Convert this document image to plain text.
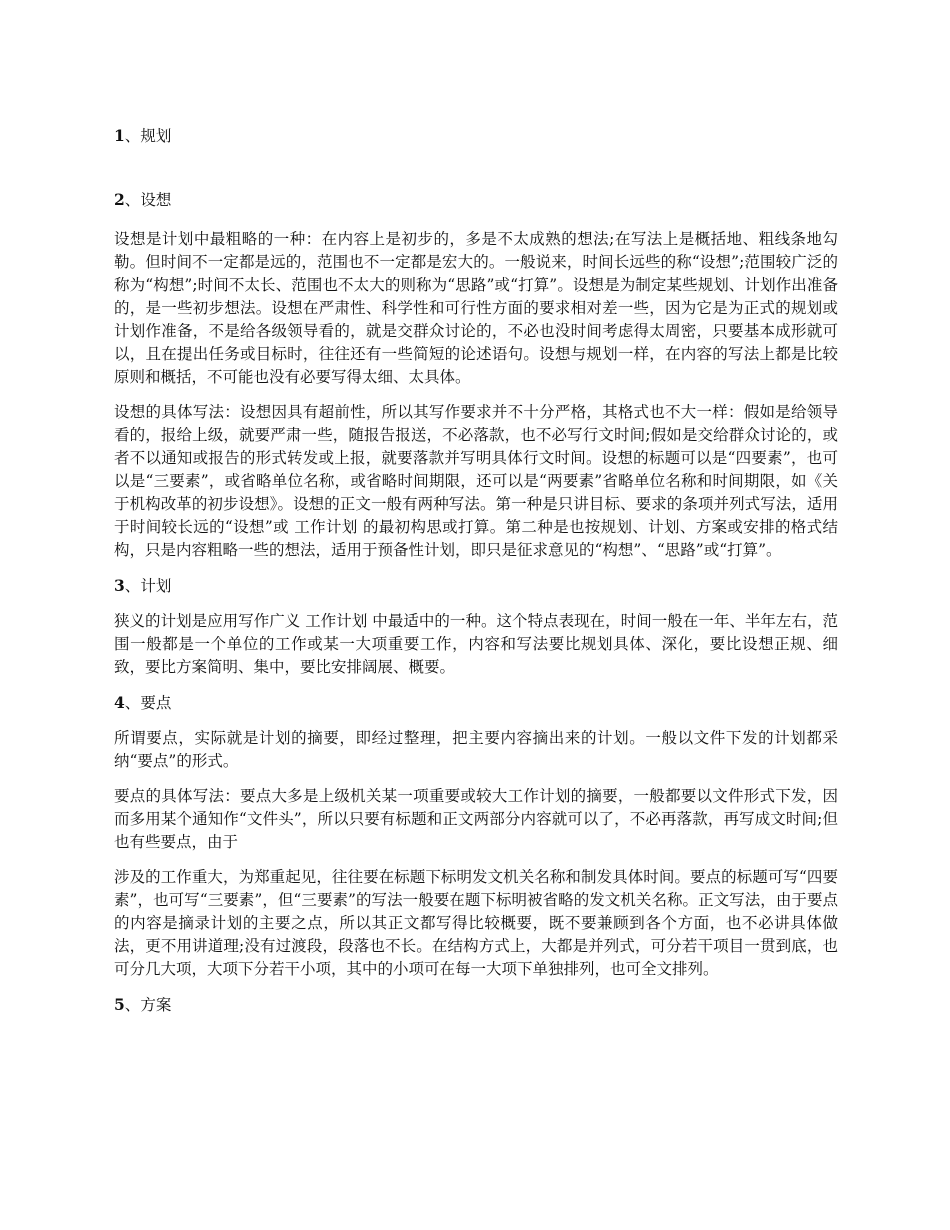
1、规划
2、设想

设想是计划中最粗略的一种：在内容上是初步的，多是不太成熟的想法;在写法上是概括地、粗线条地勾勒。但时间不一定都是远的，范围也不一定都是宏大的。一般说来，时间长远些的称“设想”;范围较广泛的称为“构想”;时间不太长、范围也不太大的则称为“思路”或“打算”。设想是为制定某些规划、计划作出准备的，是一些初步想法。设想在严肃性、科学性和可行性方面的要求相对差一些，因为它是为正式的规划或计划作准备，不是给各级领导看的，就是交群众讨论的，不必也没时间考虑得太周密，只要基本成形就可以，且在提出任务或目标时，往往还有一些简短的论述语句。设想与规划一样，在内容的写法上都是比较原则和概括，不可能也没有必要写得太细、太具体。

设想的具体写法：设想因具有超前性，所以其写作要求并不十分严格，其格式也不大一样：假如是给领导看的，报给上级，就要严肃一些，随报告报送，不必落款，也不必写行文时间;假如是交给群众讨论的，或者不以通知或报告的形式转发或上报，就要落款并写明具体行文时间。设想的标题可以是“四要素”，也可以是“三要素”，或省略单位名称，或省略时间期限，还可以是“两要素”省略单位名称和时间期限，如《关于机构改革的初步设想》。设想的正文一般有两种写法。第一种是只讲目标、要求的条项并列式写法，适用于时间较长远的“设想”或 工作计划 的最初构思或打算。第二种是也按规划、计划、方案或安排的格式结构，只是内容粗略一些的想法，适用于预备性计划，即只是征求意见的“构想”、“思路”或“打算”。

3、计划

狭义的计划是应用写作广义 工作计划 中最适中的一种。这个特点表现在，时间一般在一年、半年左右，范围一般都是一个单位的工作或某一大项重要工作，内容和写法要比规划具体、深化，要比设想正规、细致，要比方案简明、集中，要比安排阔展、概要。

4、要点

所谓要点，实际就是计划的摘要，即经过整理，把主要内容摘出来的计划。一般以文件下发的计划都采纳“要点”的形式。

要点的具体写法：要点大多是上级机关某一项重要或较大工作计划的摘要，一般都要以文件形式下发，因而多用某个通知作“文件头”，所以只要有标题和正文两部分内容就可以了，不必再落款，再写成文时间;但也有些要点，由于

涉及的工作重大，为郑重起见，往往要在标题下标明发文机关名称和制发具体时间。要点的标题可写“四要素”，也可写“三要素”，但“三要素”的写法一般要在题下标明被省略的发文机关名称。正文写法，由于要点的内容是摘录计划的主要之点，所以其正文都写得比较概要，既不要兼顾到各个方面，也不必讲具体做法，更不用讲道理;没有过渡段，段落也不长。在结构方式上，大都是并列式，可分若干项目一贯到底，也可分几大项，大项下分若干小项，其中的小项可在每一大项下单独排列，也可全文排列。

5、方案
